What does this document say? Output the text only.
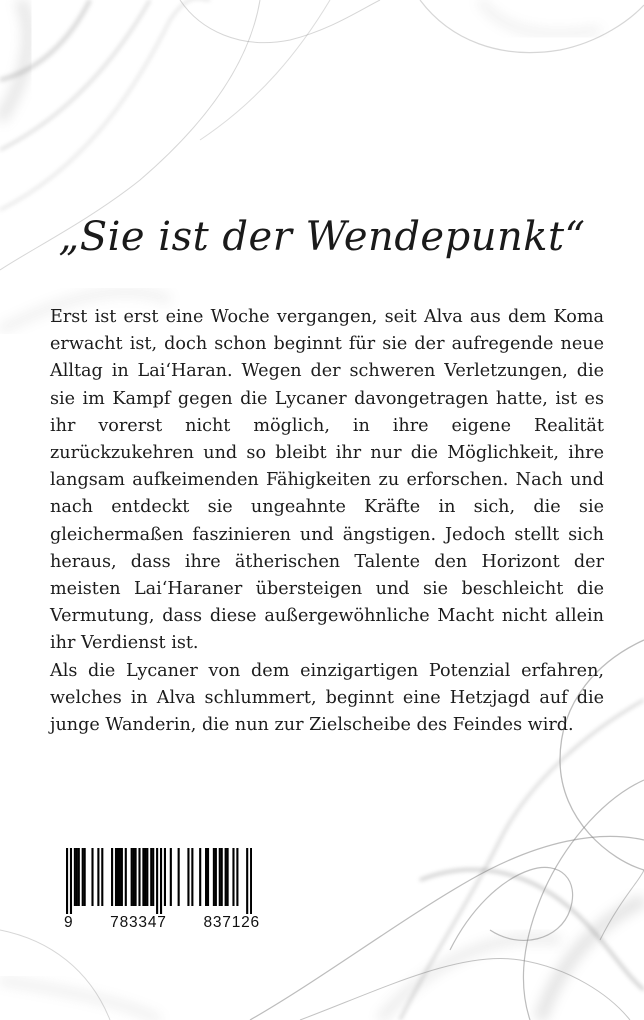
„Sie ist der Wendepunkt“

Erst ist erst eine Woche vergangen, seit Alva aus dem Koma erwacht ist, doch schon beginnt für sie der aufregende neue Alltag in Lai‘Haran. Wegen der schweren Verletzungen, die sie im Kampf gegen die Lycaner davongetragen hatte, ist es ihr vorerst nicht möglich, in ihre eigene Realität zurückzukehren und so bleibt ihr nur die Möglichkeit, ihre langsam aufkeimenden Fähigkeiten zu erforschen. Nach und nach entdeckt sie ungeahnte Kräfte in sich, die sie gleichermaßen faszinieren und ängstigen. Jedoch stellt sich heraus, dass ihre ätherischen Talente den Horizont der meisten Lai‘Haraner übersteigen und sie beschleicht die Vermutung, dass diese außergewöhnliche Macht nicht allein ihr Verdienst ist.

Als die Lycaner von dem einzigartigen Potenzial erfahren, welches in Alva schlummert, beginnt eine Hetzjagd auf die junge Wanderin, die nun zur Zielscheibe des Feindes wird.

9 783347 837126
